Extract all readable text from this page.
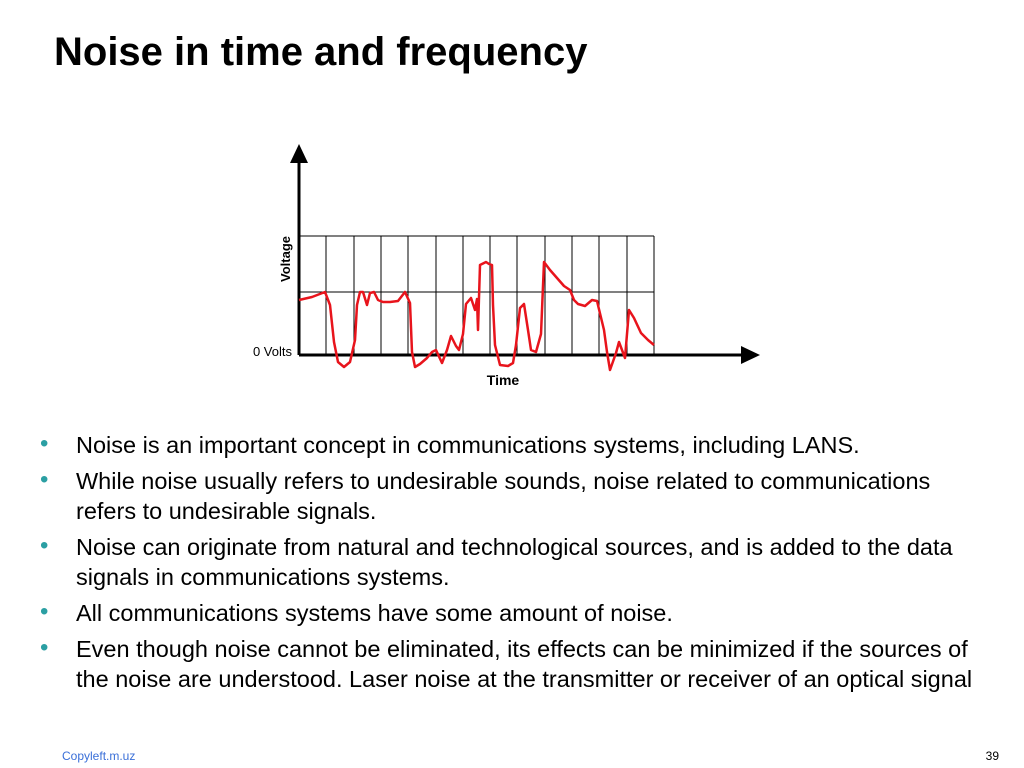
Noise in time and frequency
Voltage
Time
0 Volts
• Noise is an important concept in communications systems, including LANS.
• While noise usually refers to undesirable sounds, noise related to communications refers to undesirable signals.
• Noise can originate from natural and technological sources, and is added to the data signals in communications systems.
• All communications systems have some amount of noise.
• Even though noise cannot be eliminated, its effects can be minimized if the sources of the noise are understood. Laser noise at the transmitter or receiver of an optical signal
Copyleft.m.uz	39
